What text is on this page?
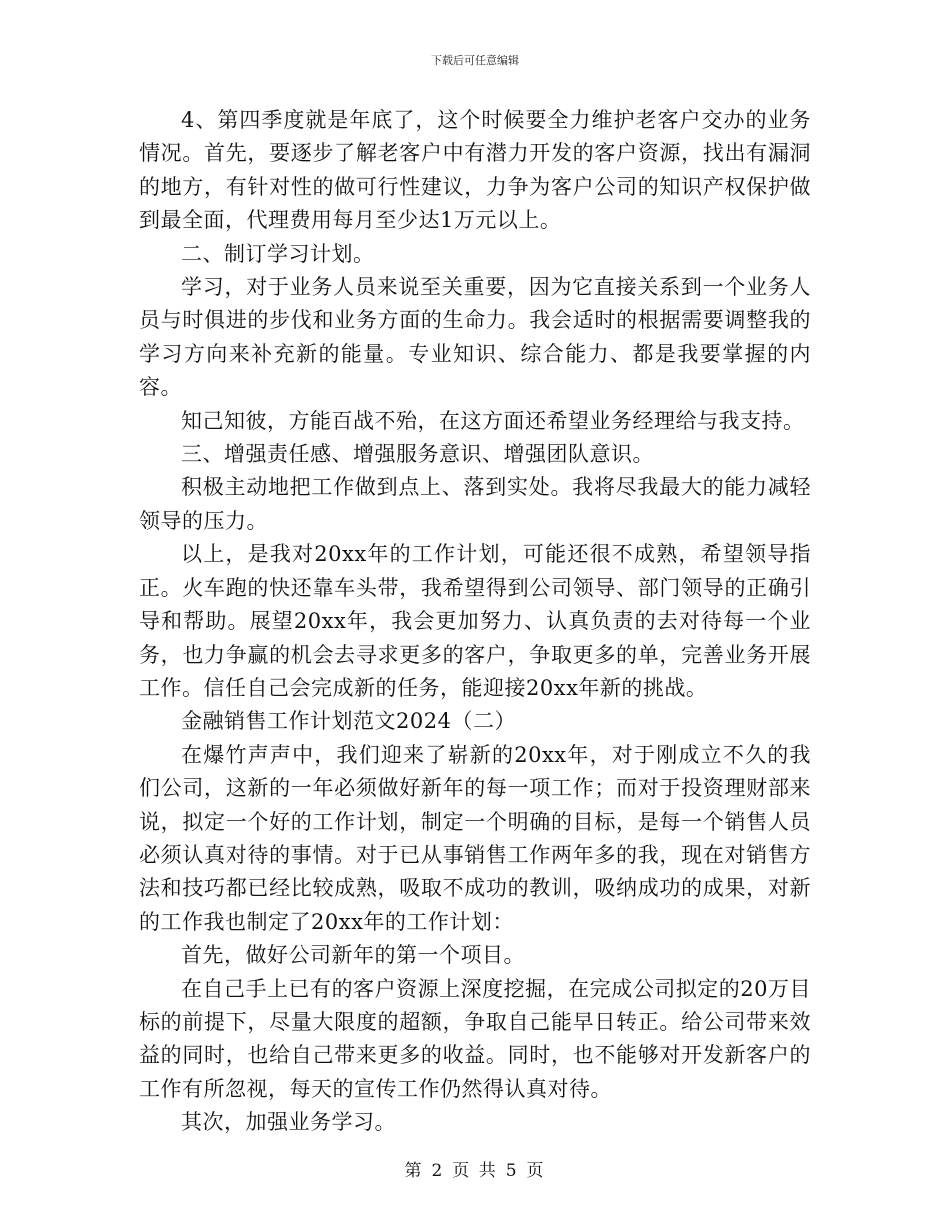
下载后可任意编辑

4、第四季度就是年底了，这个时候要全力维护老客户交办的业务情况。首先，要逐步了解老客户中有潜力开发的客户资源，找出有漏洞的地方，有针对性的做可行性建议，力争为客户公司的知识产权保护做到最全面，代理费用每月至少达1万元以上。

二、制订学习计划。

学习，对于业务人员来说至关重要，因为它直接关系到一个业务人员与时俱进的步伐和业务方面的生命力。我会适时的根据需要调整我的学习方向来补充新的能量。专业知识、综合能力、都是我要掌握的内容。

知己知彼，方能百战不殆，在这方面还希望业务经理给与我支持。

三、增强责任感、增强服务意识、增强团队意识。

积极主动地把工作做到点上、落到实处。我将尽我最大的能力减轻领导的压力。

以上，是我对20xx年的工作计划，可能还很不成熟，希望领导指正。火车跑的快还靠车头带，我希望得到公司领导、部门领导的正确引导和帮助。展望20xx年，我会更加努力、认真负责的去对待每一个业务，也力争赢的机会去寻求更多的客户，争取更多的单，完善业务开展工作。信任自己会完成新的任务，能迎接20xx年新的挑战。

金融销售工作计划范文2024（二）

在爆竹声声中，我们迎来了崭新的20xx年，对于刚成立不久的我们公司，这新的一年必须做好新年的每一项工作；而对于投资理财部来说，拟定一个好的工作计划，制定一个明确的目标，是每一个销售人员必须认真对待的事情。对于已从事销售工作两年多的我，现在对销售方法和技巧都已经比较成熟，吸取不成功的教训，吸纳成功的成果，对新的工作我也制定了20xx年的工作计划：

首先，做好公司新年的第一个项目。

在自己手上已有的客户资源上深度挖掘，在完成公司拟定的20万目标的前提下，尽量大限度的超额，争取自己能早日转正。给公司带来效益的同时，也给自己带来更多的收益。同时，也不能够对开发新客户的工作有所忽视，每天的宣传工作仍然得认真对待。

其次，加强业务学习。

第 2 页 共 5 页
